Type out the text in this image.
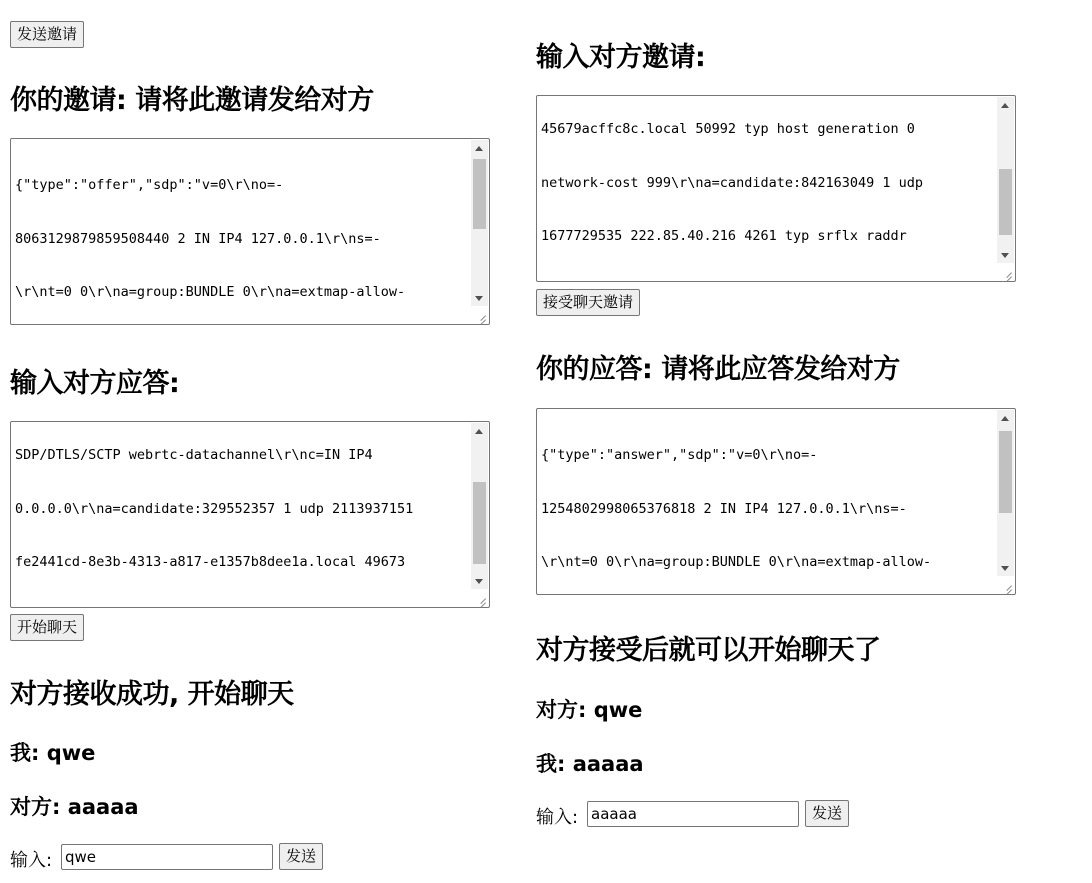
发送邀请
你的邀请: 请将此邀请发给对方

{"type":"offer","sdp":"v=0\r\no=-

8063129879859508440 2 IN IP4 127.0.0.1\r\ns=-

\r\nt=0 0\r\na=group:BUNDLE 0\r\na=extmap-allow-

输入对方应答:

SDP/DTLS/SCTP webrtc-datachannel\r\nc=IN IP4

0.0.0.0\r\na=candidate:329552357 1 udp 2113937151

fe2441cd-8e3b-4313-a817-e1357b8dee1a.local 49673

开始聊天
对方接收成功, 开始聊天
我: qwe
对方: aaaaa
输入:
qwe	发送
输入对方邀请:

45679acffc8c.local 50992 typ host generation 0

network-cost 999\r\na=candidate:842163049 1 udp

1677729535 222.85.40.216 4261 typ srflx raddr

接受聊天邀请
你的应答: 请将此应答发给对方

{"type":"answer","sdp":"v=0\r\no=-

1254802998065376818 2 IN IP4 127.0.0.1\r\ns=-

\r\nt=0 0\r\na=group:BUNDLE 0\r\na=extmap-allow-

对方接受后就可以开始聊天了
对方: qwe
我: aaaaa
输入:
aaaaa	发送
